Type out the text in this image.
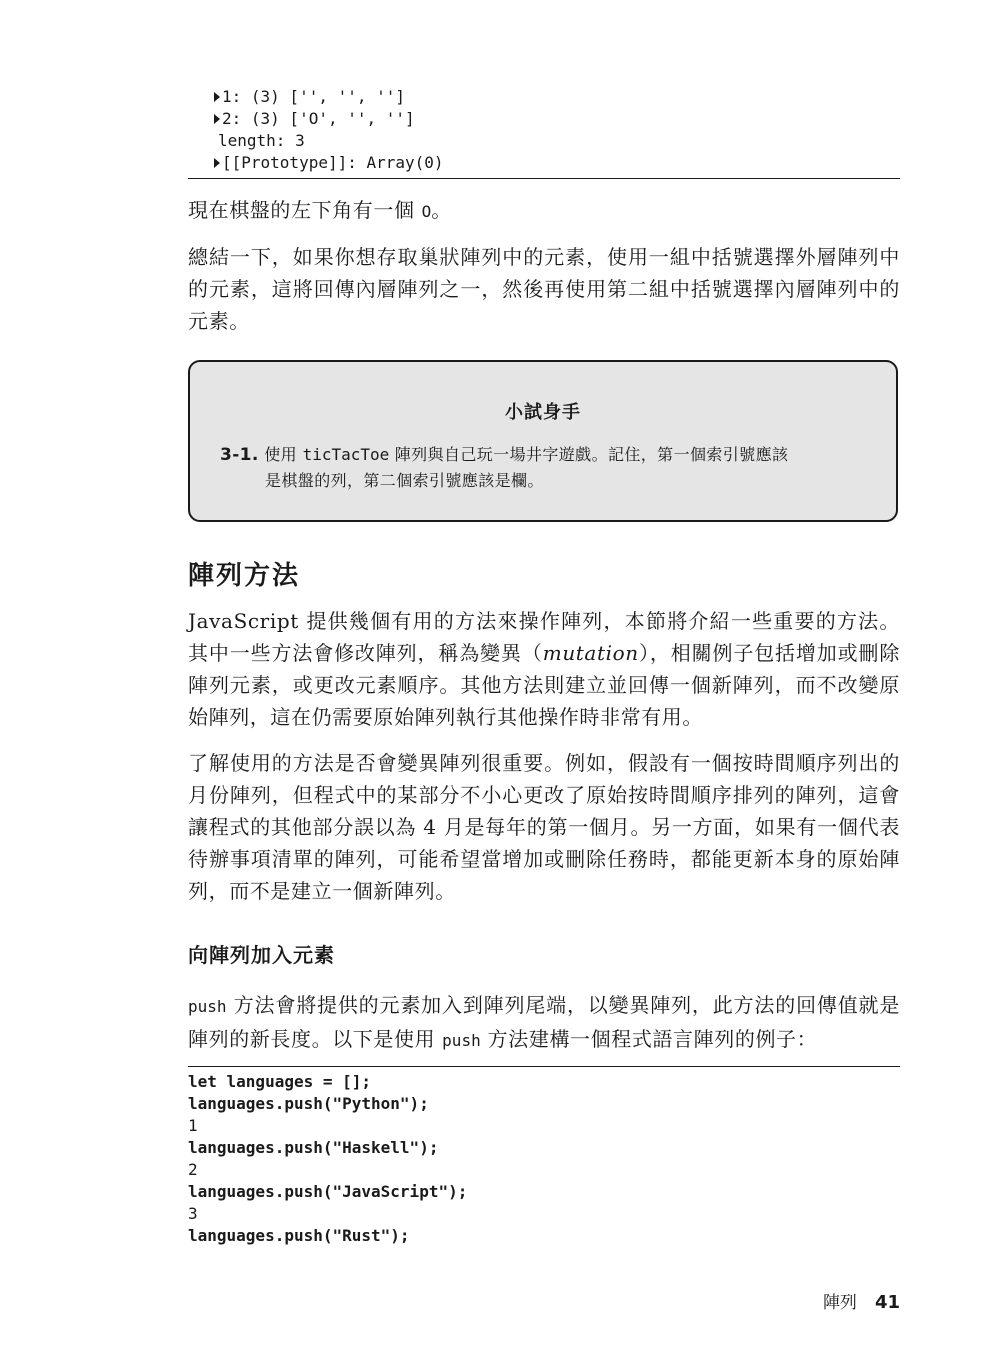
1: (3) ['', '', '']
2: (3) ['O', '', '']
length: 3
[[Prototype]]: Array(0)

現在棋盤的左下角有一個 O。

總結一下，如果你想存取巢狀陣列中的元素，使用一組中括號選擇外層陣列中的元素，這將回傳內層陣列之一，然後再使用第二組中括號選擇內層陣列中的元素。

小試身手
3-1. 使用 ticTacToe 陣列與自己玩一場井字遊戲。記住，第一個索引號應該
是棋盤的列，第二個索引號應該是欄。
陣列方法

JavaScript 提供幾個有用的方法來操作陣列，本節將介紹一些重要的方法。其中一些方法會修改陣列，稱為變異（mutation），相關例子包括增加或刪除陣列元素，或更改元素順序。其他方法則建立並回傳一個新陣列，而不改變原始陣列，這在仍需要原始陣列執行其他操作時非常有用。

了解使用的方法是否會變異陣列很重要。例如，假設有一個按時間順序列出的月份陣列，但程式中的某部分不小心更改了原始按時間順序排列的陣列，這會讓程式的其他部分誤以為 4 月是每年的第一個月。另一方面，如果有一個代表待辦事項清單的陣列，可能希望當增加或刪除任務時，都能更新本身的原始陣列，而不是建立一個新陣列。

向陣列加入元素

push 方法會將提供的元素加入到陣列尾端，以變異陣列，此方法的回傳值就是陣列的新長度。以下是使用 push 方法建構一個程式語言陣列的例子：

let languages = [];
languages.push("Python");
1
languages.push("Haskell");
2
languages.push("JavaScript");
3
languages.push("Rust");
陣列 41
